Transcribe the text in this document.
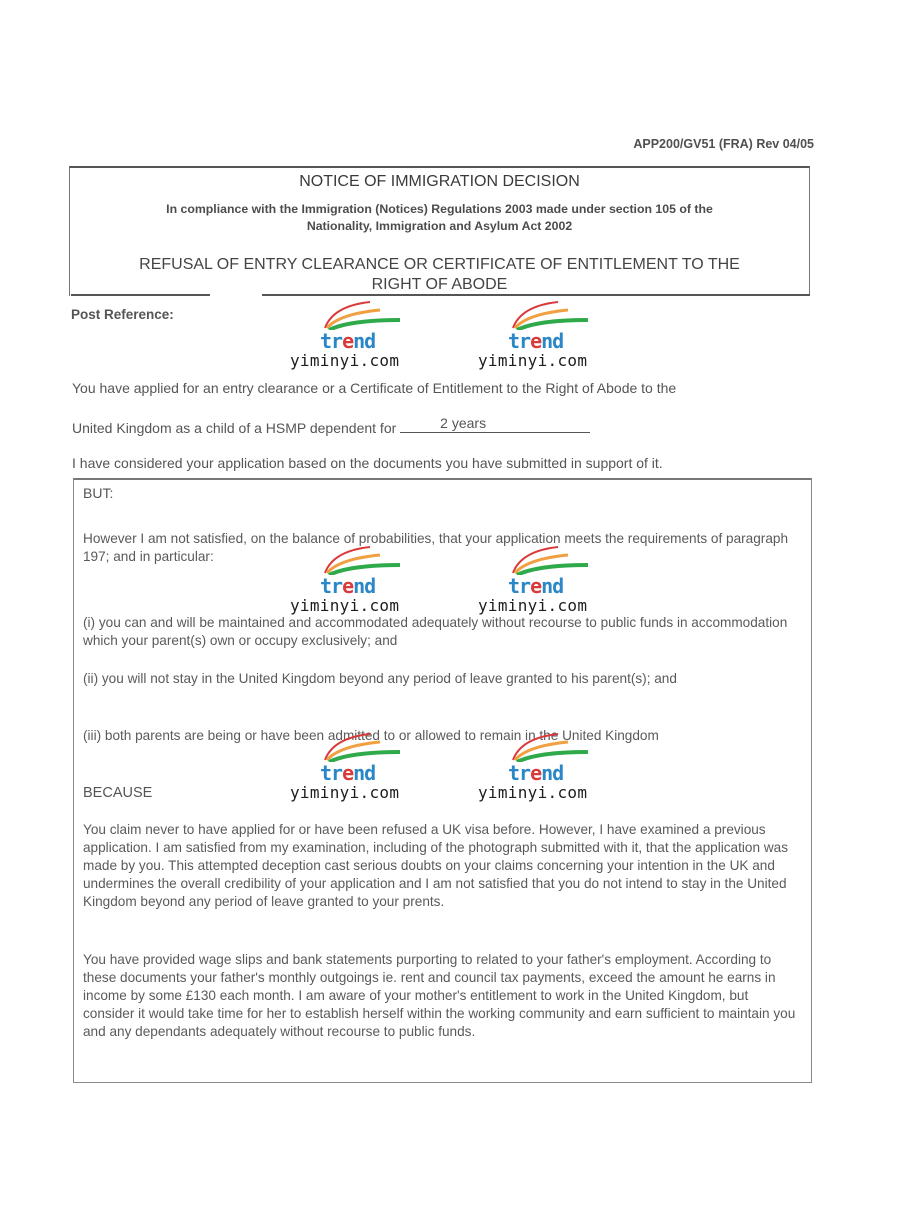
APP200/GV51 (FRA) Rev 04/05
NOTICE OF IMMIGRATION DECISION
In compliance with the Immigration (Notices) Regulations 2003 made under section 105 of the
Nationality, Immigration and Asylum Act 2002
REFUSAL OF ENTRY CLEARANCE OR CERTIFICATE OF ENTITLEMENT TO THE
RIGHT OF ABODE
Post Reference:
You have applied for an entry clearance or a Certificate of Entitlement to the Right of Abode to the
United Kingdom as a child of a HSMP dependent for	2 years
I have considered your application based on the documents you have submitted in support of it.
BUT:
However I am not satisfied, on the balance of probabilities, that your application meets the requirements of paragraph 197; and in particular:
(i) you can and will be maintained and accommodated adequately without recourse to public funds in accommodation which your parent(s) own or occupy exclusively; and
(ii) you will not stay in the United Kingdom beyond any period of leave granted to his parent(s); and
(iii) both parents are being or have been admitted to or allowed to remain in the United Kingdom
BECAUSE
You claim never to have applied for or have been refused a UK visa before. However, I have examined a previous application. I am satisfied from my examination, including of the photograph submitted with it, that the application was made by you. This attempted deception cast serious doubts on your claims concerning your intention in the UK and undermines the overall credibility of your application and I am not satisfied that you do not intend to stay in the United Kingdom beyond any period of leave granted to your prents.
You have provided wage slips and bank statements purporting to related to your father's employment. According to these documents your father's monthly outgoings ie. rent and council tax payments, exceed the amount he earns in income by some £130 each month. I am aware of your mother's entitlement to work in the United Kingdom, but consider it would take time for her to establish herself within the working community and earn sufficient to maintain you and any dependants adequately without recourse to public funds.
trend
yiminyi.com
trend
yiminyi.com
trend
yiminyi.com
trend
yiminyi.com
trend
yiminyi.com
trend
yiminyi.com
